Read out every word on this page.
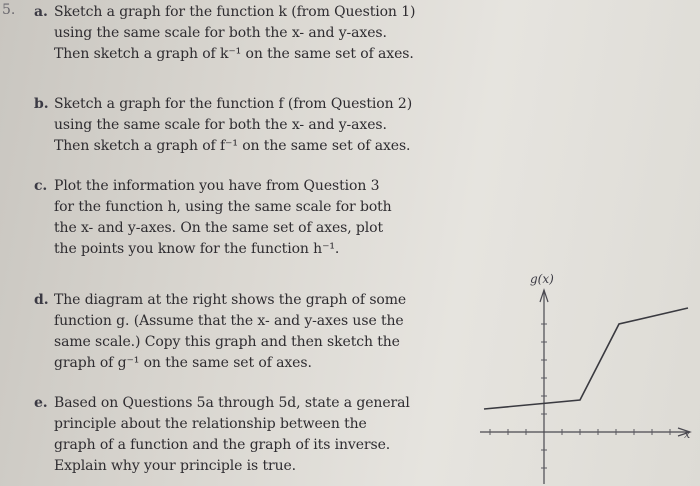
5. a. Sketch a graph for the function k (from Question 1)
using the same scale for both the x- and y-axes.
Then sketch a graph of k⁻¹ on the same set of axes.
b. Sketch a graph for the function f (from Question 2)
using the same scale for both the x- and y-axes.
Then sketch a graph of f⁻¹ on the same set of axes.
c. Plot the information you have from Question 3
for the function h, using the same scale for both
the x- and y-axes. On the same set of axes, plot
the points you know for the function h⁻¹.
d. The diagram at the right shows the graph of some
function g. (Assume that the x- and y-axes use the
same scale.) Copy this graph and then sketch the
graph of g⁻¹ on the same set of axes.
e. Based on Questions 5a through 5d, state a general
principle about the relationship between the
graph of a function and the graph of its inverse.
Explain why your principle is true.
g(x)
x
